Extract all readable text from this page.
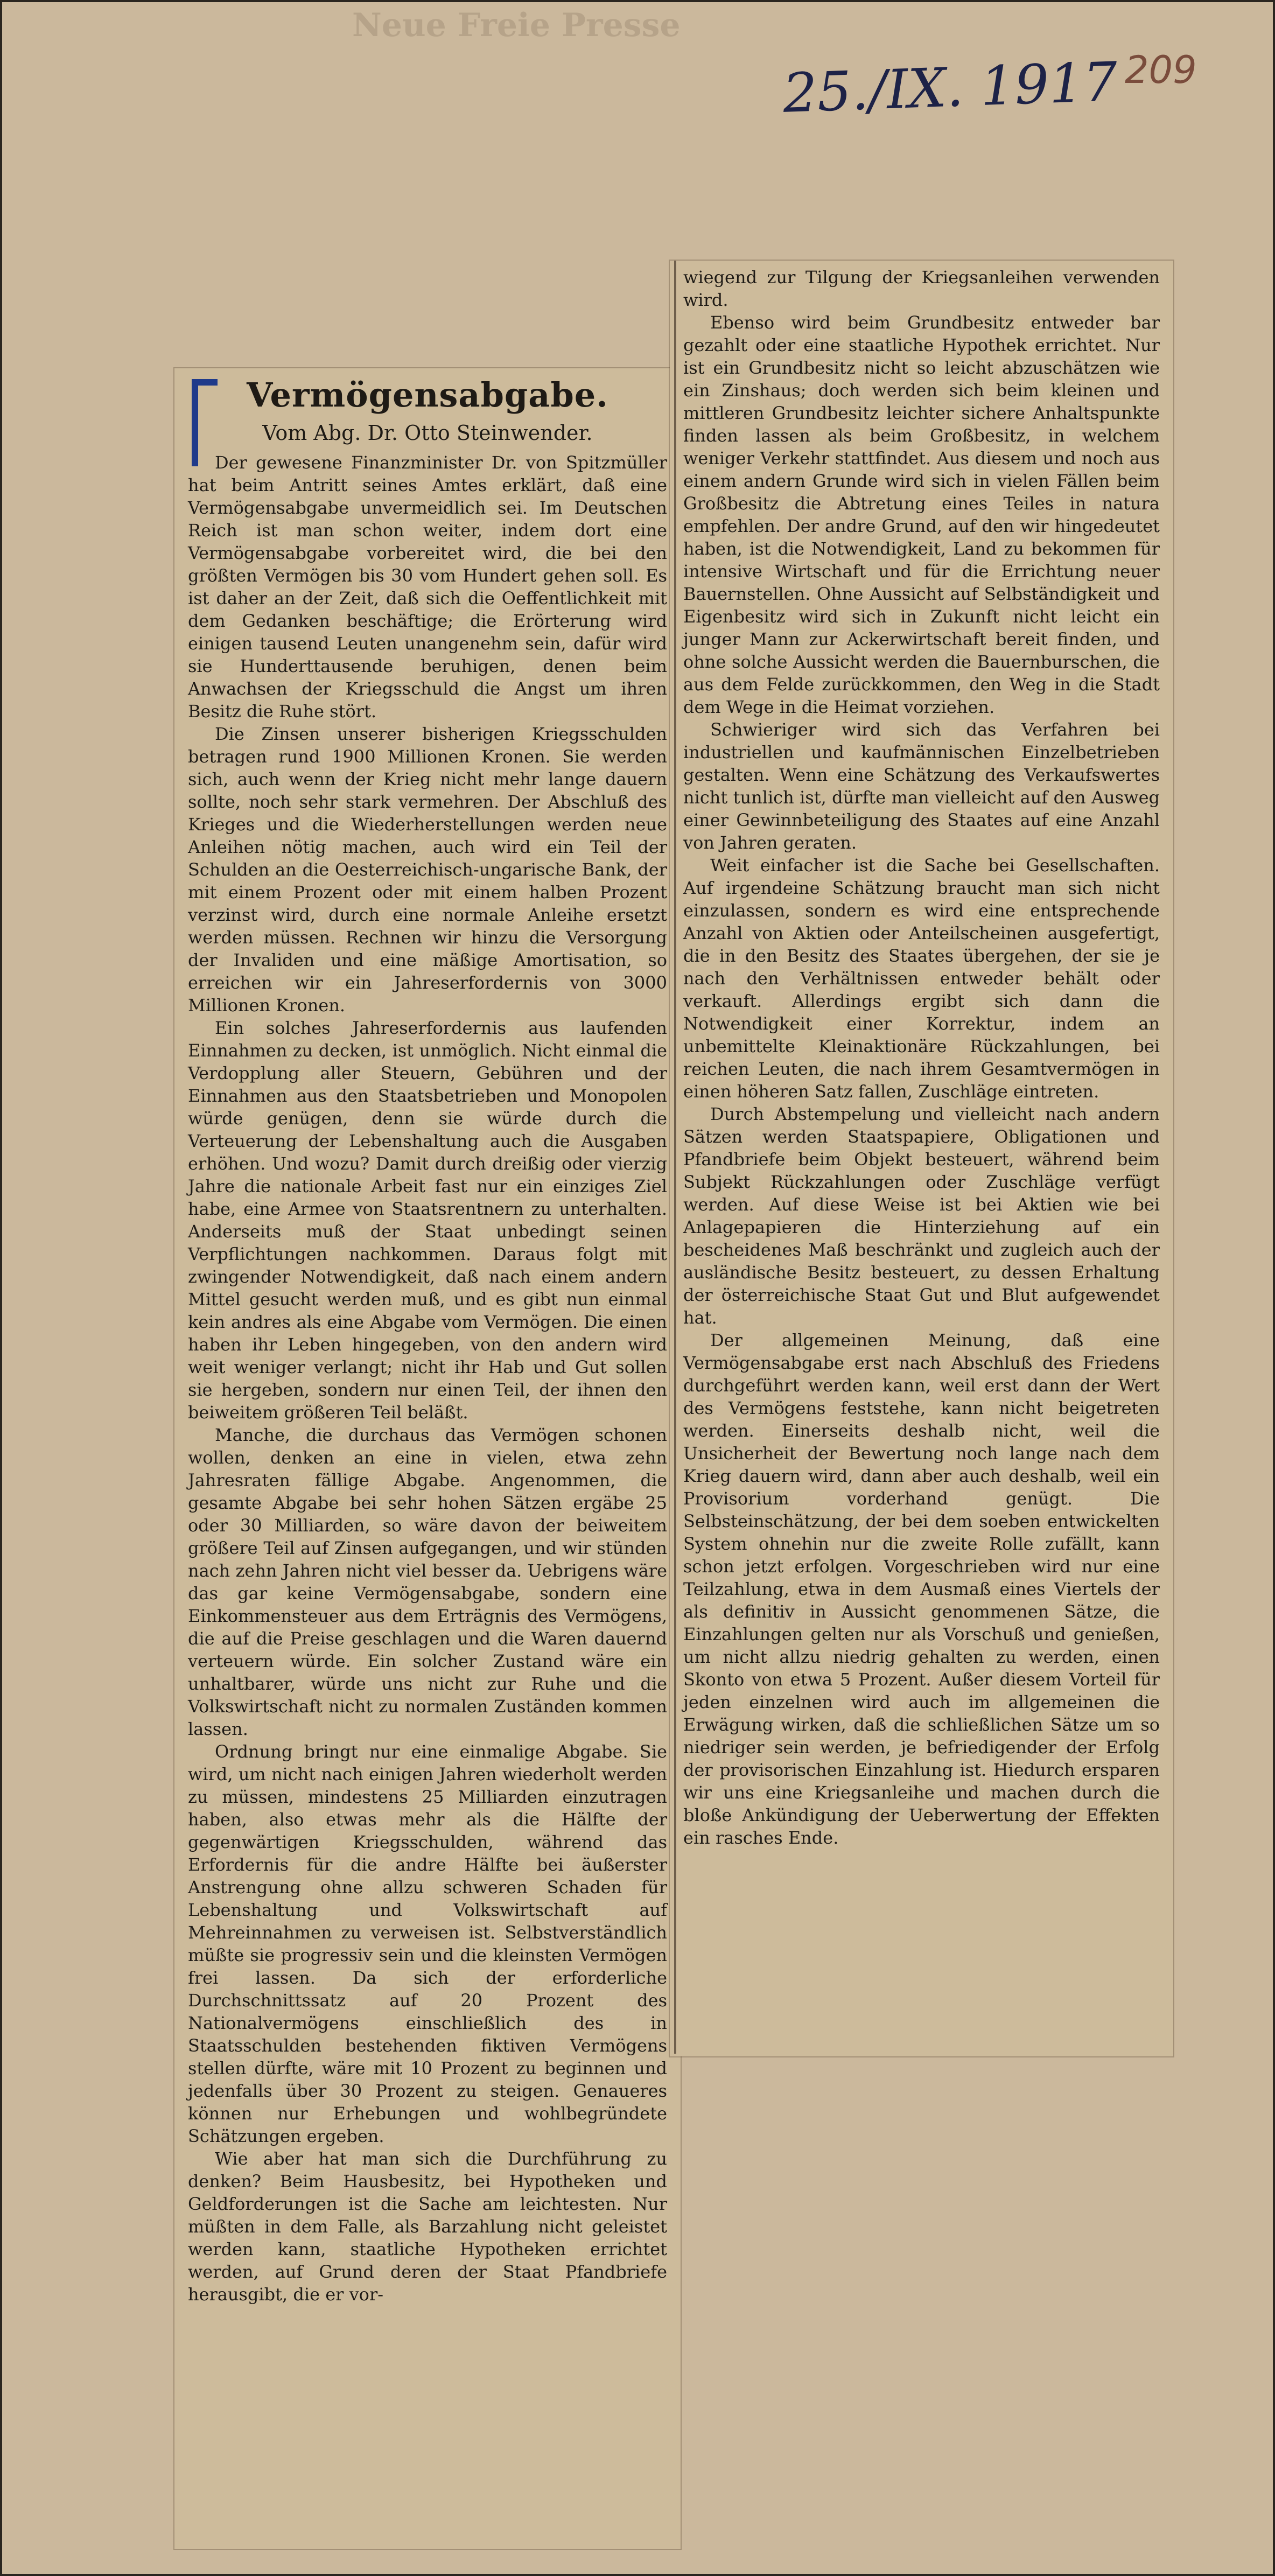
Neue Freie Presse
25./IX. 1917 209
Vermögensabgabe.
Vom Abg. Dr. Otto Steinwender.

Der gewesene Finanzminister Dr. von Spitzmüller hat beim Antritt seines Amtes erklärt, daß eine Vermögensabgabe unvermeidlich sei. Im Deutschen Reich ist man schon weiter, indem dort eine Vermögensabgabe vorbereitet wird, die bei den größten Vermögen bis 30 vom Hundert gehen soll. Es ist daher an der Zeit, daß sich die Oeffentlichkeit mit dem Gedanken beschäftige; die Erörterung wird einigen tausend Leuten unangenehm sein, dafür wird sie Hunderttausende beruhigen, denen beim Anwachsen der Kriegsschuld die Angst um ihren Besitz die Ruhe stört.

Die Zinsen unserer bisherigen Kriegsschulden betragen rund 1900 Millionen Kronen. Sie werden sich, auch wenn der Krieg nicht mehr lange dauern sollte, noch sehr stark vermehren. Der Abschluß des Krieges und die Wiederherstellungen werden neue Anleihen nötig machen, auch wird ein Teil der Schulden an die Oesterreichisch-ungarische Bank, der mit einem Prozent oder mit einem halben Prozent verzinst wird, durch eine normale Anleihe ersetzt werden müssen. Rechnen wir hinzu die Versorgung der Invaliden und eine mäßige Amortisation, so erreichen wir ein Jahreserfordernis von 3000 Millionen Kronen.

Ein solches Jahreserfordernis aus laufenden Einnahmen zu decken, ist unmöglich. Nicht einmal die Verdopplung aller Steuern, Gebühren und der Einnahmen aus den Staatsbetrieben und Monopolen würde genügen, denn sie würde durch die Verteuerung der Lebenshaltung auch die Ausgaben erhöhen. Und wozu? Damit durch dreißig oder vierzig Jahre die nationale Arbeit fast nur ein einziges Ziel habe, eine Armee von Staatsrentnern zu unterhalten. Anderseits muß der Staat unbedingt seinen Verpflichtungen nachkommen. Daraus folgt mit zwingender Notwendigkeit, daß nach einem andern Mittel gesucht werden muß, und es gibt nun einmal kein andres als eine Abgabe vom Vermögen. Die einen haben ihr Leben hingegeben, von den andern wird weit weniger verlangt; nicht ihr Hab und Gut sollen sie hergeben, sondern nur einen Teil, der ihnen den beiweitem größeren Teil beläßt.

Manche, die durchaus das Vermögen schonen wollen, denken an eine in vielen, etwa zehn Jahresraten fällige Abgabe. Angenommen, die gesamte Abgabe bei sehr hohen Sätzen ergäbe 25 oder 30 Milliarden, so wäre davon der beiweitem größere Teil auf Zinsen aufgegangen, und wir stünden nach zehn Jahren nicht viel besser da. Uebrigens wäre das gar keine Vermögensabgabe, sondern eine Einkommensteuer aus dem Erträgnis des Vermögens, die auf die Preise geschlagen und die Waren dauernd verteuern würde. Ein solcher Zustand wäre ein unhaltbarer, würde uns nicht zur Ruhe und die Volkswirtschaft nicht zu normalen Zuständen kommen lassen.

Ordnung bringt nur eine einmalige Abgabe. Sie wird, um nicht nach einigen Jahren wiederholt werden zu müssen, mindestens 25 Milliarden einzutragen haben, also etwas mehr als die Hälfte der gegenwärtigen Kriegsschulden, während das Erfordernis für die andre Hälfte bei äußerster Anstrengung ohne allzu schweren Schaden für Lebenshaltung und Volkswirtschaft auf Mehreinnahmen zu verweisen ist. Selbstverständlich müßte sie progressiv sein und die kleinsten Vermögen frei lassen. Da sich der erforderliche Durchschnittssatz auf 20 Prozent des Nationalvermögens einschließlich des in Staatsschulden bestehenden fiktiven Vermögens stellen dürfte, wäre mit 10 Prozent zu beginnen und jedenfalls über 30 Prozent zu steigen. Genaueres können nur Erhebungen und wohlbegründete Schätzungen ergeben.

Wie aber hat man sich die Durchführung zu denken? Beim Hausbesitz, bei Hypotheken und Geldforderungen ist die Sache am leichtesten. Nur müßten in dem Falle, als Barzahlung nicht geleistet werden kann, staatliche Hypotheken errichtet werden, auf Grund deren der Staat Pfandbriefe herausgibt, die er vor-

wiegend zur Tilgung der Kriegsanleihen verwenden wird.

Ebenso wird beim Grundbesitz entweder bar gezahlt oder eine staatliche Hypothek errichtet. Nur ist ein Grundbesitz nicht so leicht abzuschätzen wie ein Zinshaus; doch werden sich beim kleinen und mittleren Grundbesitz leichter sichere Anhaltspunkte finden lassen als beim Großbesitz, in welchem weniger Verkehr stattfindet. Aus diesem und noch aus einem andern Grunde wird sich in vielen Fällen beim Großbesitz die Abtretung eines Teiles in natura empfehlen. Der andre Grund, auf den wir hingedeutet haben, ist die Notwendigkeit, Land zu bekommen für intensive Wirtschaft und für die Errichtung neuer Bauernstellen. Ohne Aussicht auf Selbständigkeit und Eigenbesitz wird sich in Zukunft nicht leicht ein junger Mann zur Ackerwirtschaft bereit finden, und ohne solche Aussicht werden die Bauernburschen, die aus dem Felde zurückkommen, den Weg in die Stadt dem Wege in die Heimat vorziehen.

Schwieriger wird sich das Verfahren bei industriellen und kaufmännischen Einzelbetrieben gestalten. Wenn eine Schätzung des Verkaufswertes nicht tunlich ist, dürfte man vielleicht auf den Ausweg einer Gewinnbeteiligung des Staates auf eine Anzahl von Jahren geraten.

Weit einfacher ist die Sache bei Gesellschaften. Auf irgendeine Schätzung braucht man sich nicht einzulassen, sondern es wird eine entsprechende Anzahl von Aktien oder Anteilscheinen ausgefertigt, die in den Besitz des Staates übergehen, der sie je nach den Verhältnissen entweder behält oder verkauft. Allerdings ergibt sich dann die Notwendigkeit einer Korrektur, indem an unbemittelte Kleinaktionäre Rückzahlungen, bei reichen Leuten, die nach ihrem Gesamtvermögen in einen höheren Satz fallen, Zuschläge eintreten.

Durch Abstempelung und vielleicht nach andern Sätzen werden Staatspapiere, Obligationen und Pfandbriefe beim Objekt besteuert, während beim Subjekt Rückzahlungen oder Zuschläge verfügt werden. Auf diese Weise ist bei Aktien wie bei Anlagepapieren die Hinterziehung auf ein bescheidenes Maß beschränkt und zugleich auch der ausländische Besitz besteuert, zu dessen Erhaltung der österreichische Staat Gut und Blut aufgewendet hat.

Der allgemeinen Meinung, daß eine Vermögensabgabe erst nach Abschluß des Friedens durchgeführt werden kann, weil erst dann der Wert des Vermögens feststehe, kann nicht beigetreten werden. Einerseits deshalb nicht, weil die Unsicherheit der Bewertung noch lange nach dem Krieg dauern wird, dann aber auch deshalb, weil ein Provisorium vorderhand genügt. Die Selbsteinschätzung, der bei dem soeben entwickelten System ohnehin nur die zweite Rolle zufällt, kann schon jetzt erfolgen. Vorgeschrieben wird nur eine Teilzahlung, etwa in dem Ausmaß eines Viertels der als definitiv in Aussicht genommenen Sätze, die Einzahlungen gelten nur als Vorschuß und genießen, um nicht allzu niedrig gehalten zu werden, einen Skonto von etwa 5 Prozent. Außer diesem Vorteil für jeden einzelnen wird auch im allgemeinen die Erwägung wirken, daß die schließlichen Sätze um so niedriger sein werden, je befriedigender der Erfolg der provisorischen Einzahlung ist. Hiedurch ersparen wir uns eine Kriegsanleihe und machen durch die bloße Ankündigung der Ueberwertung der Effekten ein rasches Ende.
